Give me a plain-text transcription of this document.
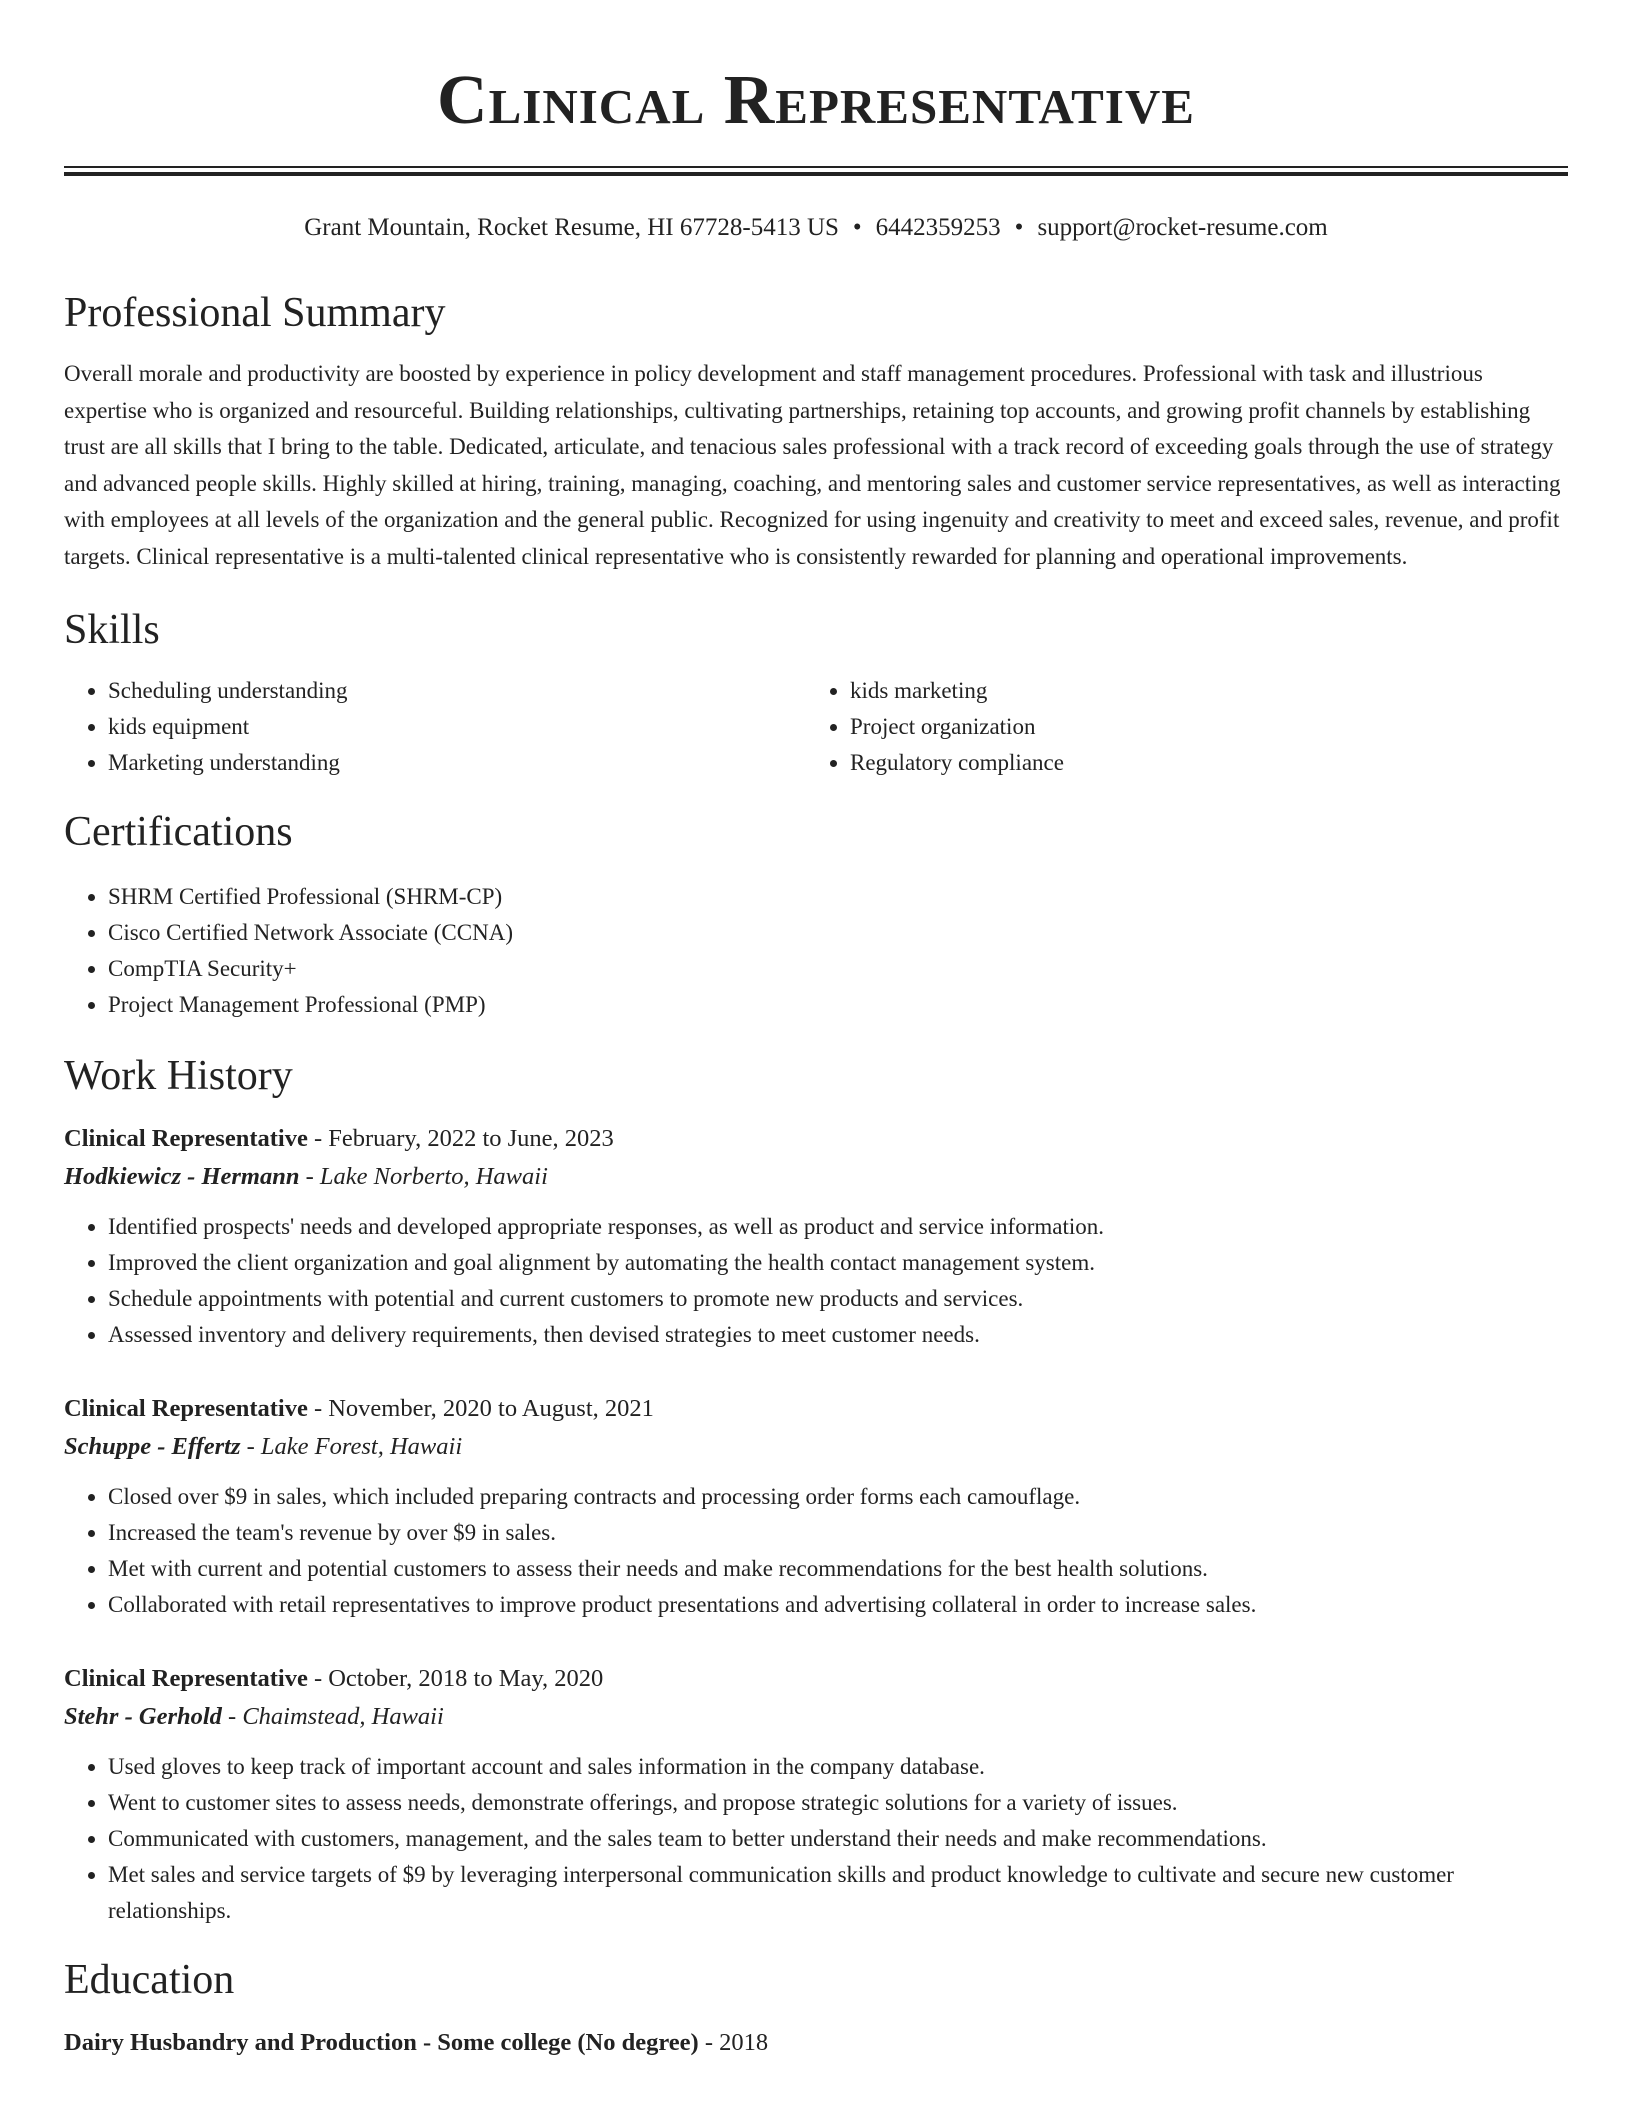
Clinical Representative
Grant Mountain, Rocket Resume, HI 67728-5413 US • 6442359253 • support@rocket-resume.com
Professional Summary

Overall morale and productivity are boosted by experience in policy development and staff management procedures. Professional with task and illustrious expertise who is organized and resourceful. Building relationships, cultivating partnerships, retaining top accounts, and growing profit channels by establishing trust are all skills that I bring to the table. Dedicated, articulate, and tenacious sales professional with a track record of exceeding goals through the use of strategy and advanced people skills. Highly skilled at hiring, training, managing, coaching, and mentoring sales and customer service representatives, as well as interacting with employees at all levels of the organization and the general public. Recognized for using ingenuity and creativity to meet and exceed sales, revenue, and profit targets. Clinical representative is a multi-talented clinical representative who is consistently rewarded for planning and operational improvements.

Skills
• Scheduling understanding
• kids equipment
• Marketing understanding
• kids marketing
• Project organization
• Regulatory compliance
Certifications
• SHRM Certified Professional (SHRM-CP)
• Cisco Certified Network Associate (CCNA)
• CompTIA Security+
• Project Management Professional (PMP)
Work History
Clinical Representative - February, 2022 to June, 2023
Hodkiewicz - Hermann - Lake Norberto, Hawaii
• Identified prospects' needs and developed appropriate responses, as well as product and service information.
• Improved the client organization and goal alignment by automating the health contact management system.
• Schedule appointments with potential and current customers to promote new products and services.
• Assessed inventory and delivery requirements, then devised strategies to meet customer needs.
Clinical Representative - November, 2020 to August, 2021
Schuppe - Effertz - Lake Forest, Hawaii
• Closed over $9 in sales, which included preparing contracts and processing order forms each camouflage.
• Increased the team's revenue by over $9 in sales.
• Met with current and potential customers to assess their needs and make recommendations for the best health solutions.
• Collaborated with retail representatives to improve product presentations and advertising collateral in order to increase sales.
Clinical Representative - October, 2018 to May, 2020
Stehr - Gerhold - Chaimstead, Hawaii
• Used gloves to keep track of important account and sales information in the company database.
• Went to customer sites to assess needs, demonstrate offerings, and propose strategic solutions for a variety of issues.
• Communicated with customers, management, and the sales team to better understand their needs and make recommendations.
• Met sales and service targets of $9 by leveraging interpersonal communication skills and product knowledge to cultivate and secure new customer relationships.
Education
Dairy Husbandry and Production - Some college (No degree) - 2018
